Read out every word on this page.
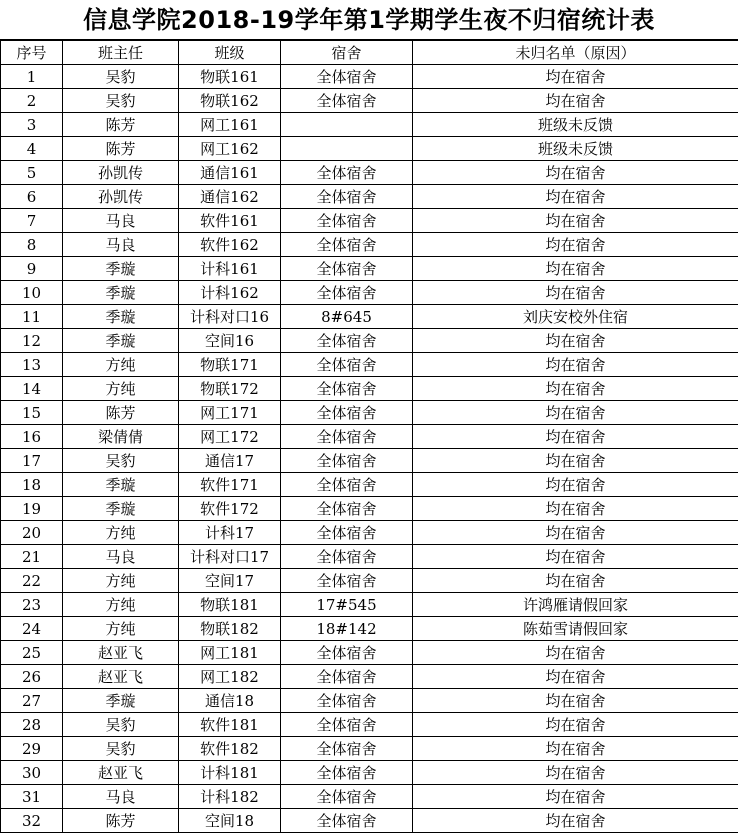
信息学院2018-19学年第1学期学生夜不归宿统计表
序号	班主任	班级	宿舍	未归名单（原因）
1	吴豹	物联161	全体宿舍	均在宿舍
2	吴豹	物联162	全体宿舍	均在宿舍
3	陈芳	网工161		班级未反馈
4	陈芳	网工162		班级未反馈
5	孙凯传	通信161	全体宿舍	均在宿舍
6	孙凯传	通信162	全体宿舍	均在宿舍
7	马良	软件161	全体宿舍	均在宿舍
8	马良	软件162	全体宿舍	均在宿舍
9	季璇	计科161	全体宿舍	均在宿舍
10	季璇	计科162	全体宿舍	均在宿舍
11	季璇	计科对口16	8#645	刘庆安校外住宿
12	季璇	空间16	全体宿舍	均在宿舍
13	方纯	物联171	全体宿舍	均在宿舍
14	方纯	物联172	全体宿舍	均在宿舍
15	陈芳	网工171	全体宿舍	均在宿舍
16	梁倩倩	网工172	全体宿舍	均在宿舍
17	吴豹	通信17	全体宿舍	均在宿舍
18	季璇	软件171	全体宿舍	均在宿舍
19	季璇	软件172	全体宿舍	均在宿舍
20	方纯	计科17	全体宿舍	均在宿舍
21	马良	计科对口17	全体宿舍	均在宿舍
22	方纯	空间17	全体宿舍	均在宿舍
23	方纯	物联181	17#545	许鸿雁请假回家
24	方纯	物联182	18#142	陈茹雪请假回家
25	赵亚飞	网工181	全体宿舍	均在宿舍
26	赵亚飞	网工182	全体宿舍	均在宿舍
27	季璇	通信18	全体宿舍	均在宿舍
28	吴豹	软件181	全体宿舍	均在宿舍
29	吴豹	软件182	全体宿舍	均在宿舍
30	赵亚飞	计科181	全体宿舍	均在宿舍
31	马良	计科182	全体宿舍	均在宿舍
32	陈芳	空间18	全体宿舍	均在宿舍
